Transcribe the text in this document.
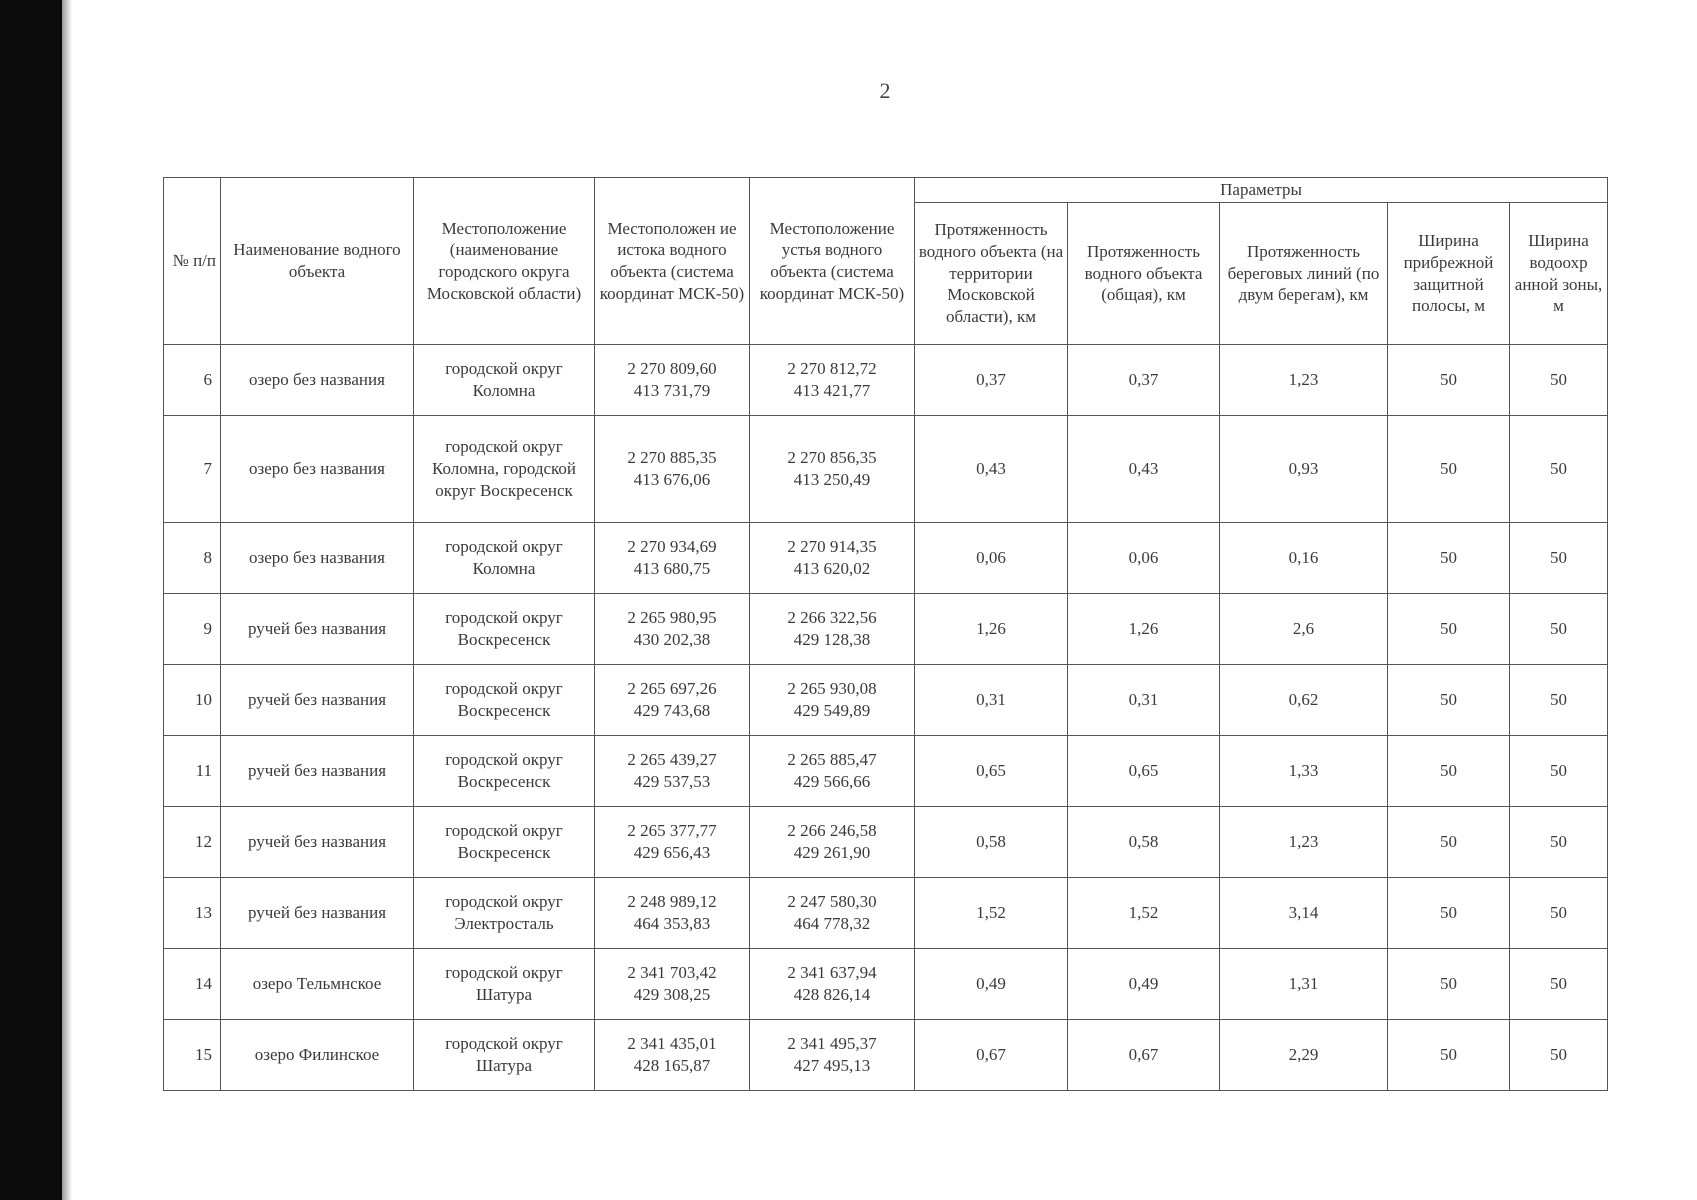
2
№ п/п	Наименование водного объекта	Местоположение (наименование городского округа Московской области)	Местоположен ие истока водного объекта (система координат МСК-50)	Местоположение устья водного объекта (система координат МСК-50)	Параметры				
					Протяженность водного объекта (на территории Московской области), км	Протяженность водного объекта (общая), км	Протяженность береговых линий (по двум берегам), км	Ширина прибрежной защитной полосы, м	Ширина водоохр анной зоны, м
6	озеро без названия	городской округ Коломна	2 270 809,60
413 731,79	2 270 812,72
413 421,77	0,37	0,37	1,23	50	50
7	озеро без названия	городской округ Коломна, городской округ Воскресенск	2 270 885,35
413 676,06	2 270 856,35
413 250,49	0,43	0,43	0,93	50	50
8	озеро без названия	городской округ Коломна	2 270 934,69
413 680,75	2 270 914,35
413 620,02	0,06	0,06	0,16	50	50
9	ручей без названия	городской округ Воскресенск	2 265 980,95
430 202,38	2 266 322,56
429 128,38	1,26	1,26	2,6	50	50
10	ручей без названия	городской округ Воскресенск	2 265 697,26
429 743,68	2 265 930,08
429 549,89	0,31	0,31	0,62	50	50
11	ручей без названия	городской округ Воскресенск	2 265 439,27
429 537,53	2 265 885,47
429 566,66	0,65	0,65	1,33	50	50
12	ручей без названия	городской округ Воскресенск	2 265 377,77
429 656,43	2 266 246,58
429 261,90	0,58	0,58	1,23	50	50
13	ручей без названия	городской округ Электросталь	2 248 989,12
464 353,83	2 247 580,30
464 778,32	1,52	1,52	3,14	50	50
14	озеро Тельмнское	городской округ Шатура	2 341 703,42
429 308,25	2 341 637,94
428 826,14	0,49	0,49	1,31	50	50
15	озеро Филинское	городской округ Шатура	2 341 435,01
428 165,87	2 341 495,37
427 495,13	0,67	0,67	2,29	50	50
